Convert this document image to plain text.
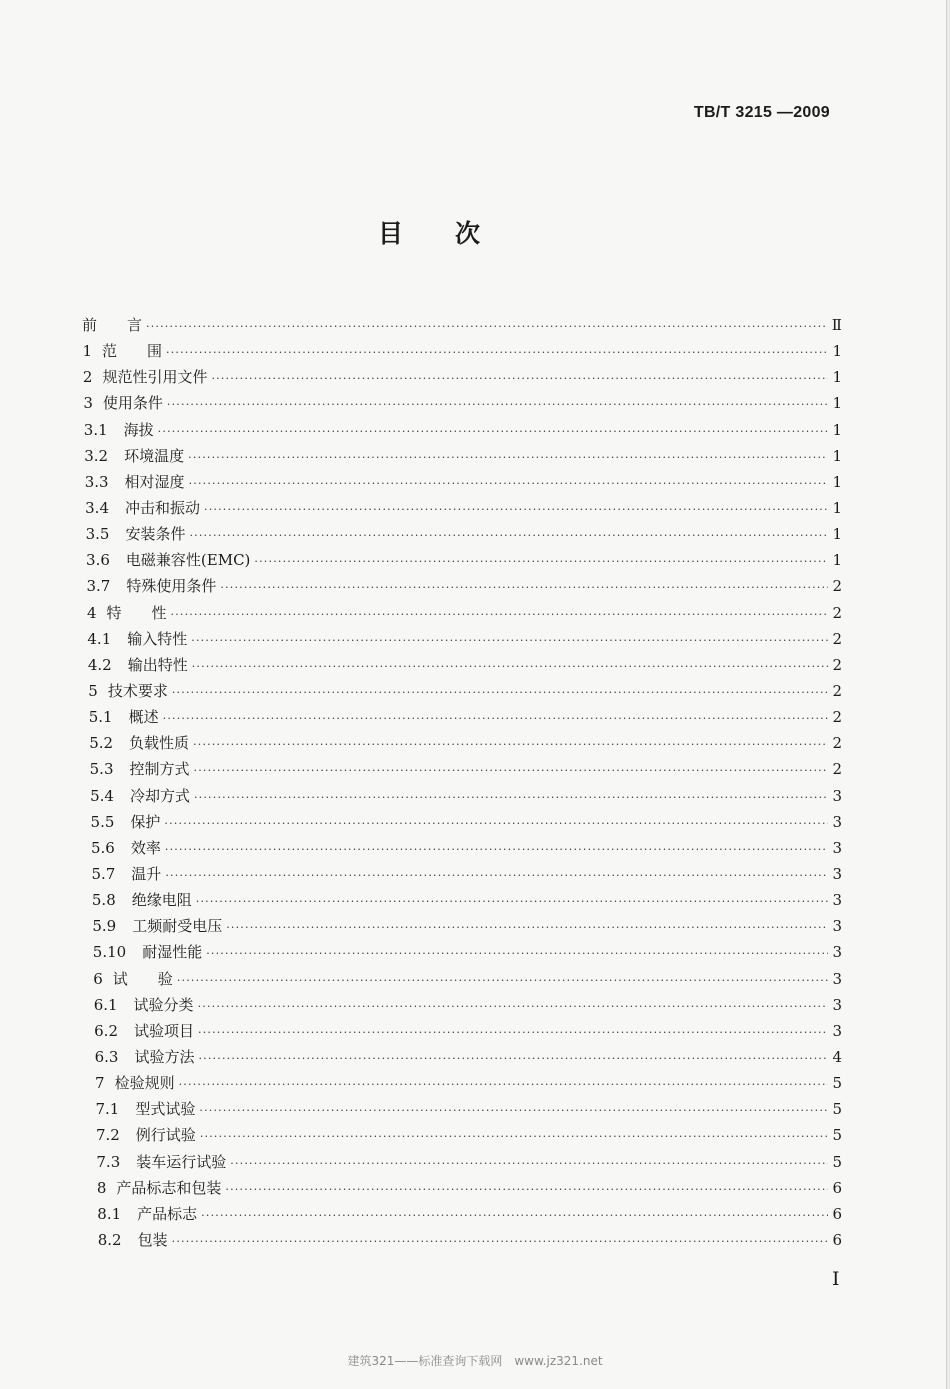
TB/T 3215 —2009
目次
前　　言 ·····	Ⅱ
1 范　　围 ·····	1
2 规范性引用文件 ·····	1
3 使用条件 ·····	1
3.1 海拔 ·····	1
3.2 环境温度 ·····	1
3.3 相对湿度 ·····	1
3.4 冲击和振动 ·····	1
3.5 安装条件 ·····	1
3.6 电磁兼容性(EMC) ·····	1
3.7 特殊使用条件 ·····	2
4 特　　性 ·····	2
4.1 输入特性 ·····	2
4.2 输出特性 ·····	2
5 技术要求 ·····	2
5.1 概述 ·····	2
5.2 负载性质 ·····	2
5.3 控制方式 ·····	2
5.4 冷却方式 ·····	3
5.5 保护 ·····	3
5.6 效率 ·····	3
5.7 温升 ·····	3
5.8 绝缘电阻 ·····	3
5.9 工频耐受电压 ·····	3
5.10 耐湿性能 ·····	3
6 试　　验 ·····	3
6.1 试验分类 ·····	3
6.2 试验项目 ·····	3
6.3 试验方法 ·····	4
7 检验规则 ·····	5
7.1 型式试验 ·····	5
7.2 例行试验 ·····	5
7.3 装车运行试验 ·····	5
8 产品标志和包装 ·····	6
8.1 产品标志 ·····	6
8.2 包装 ·····	6
I
建筑321——标准查询下载网　www.jz321.net
